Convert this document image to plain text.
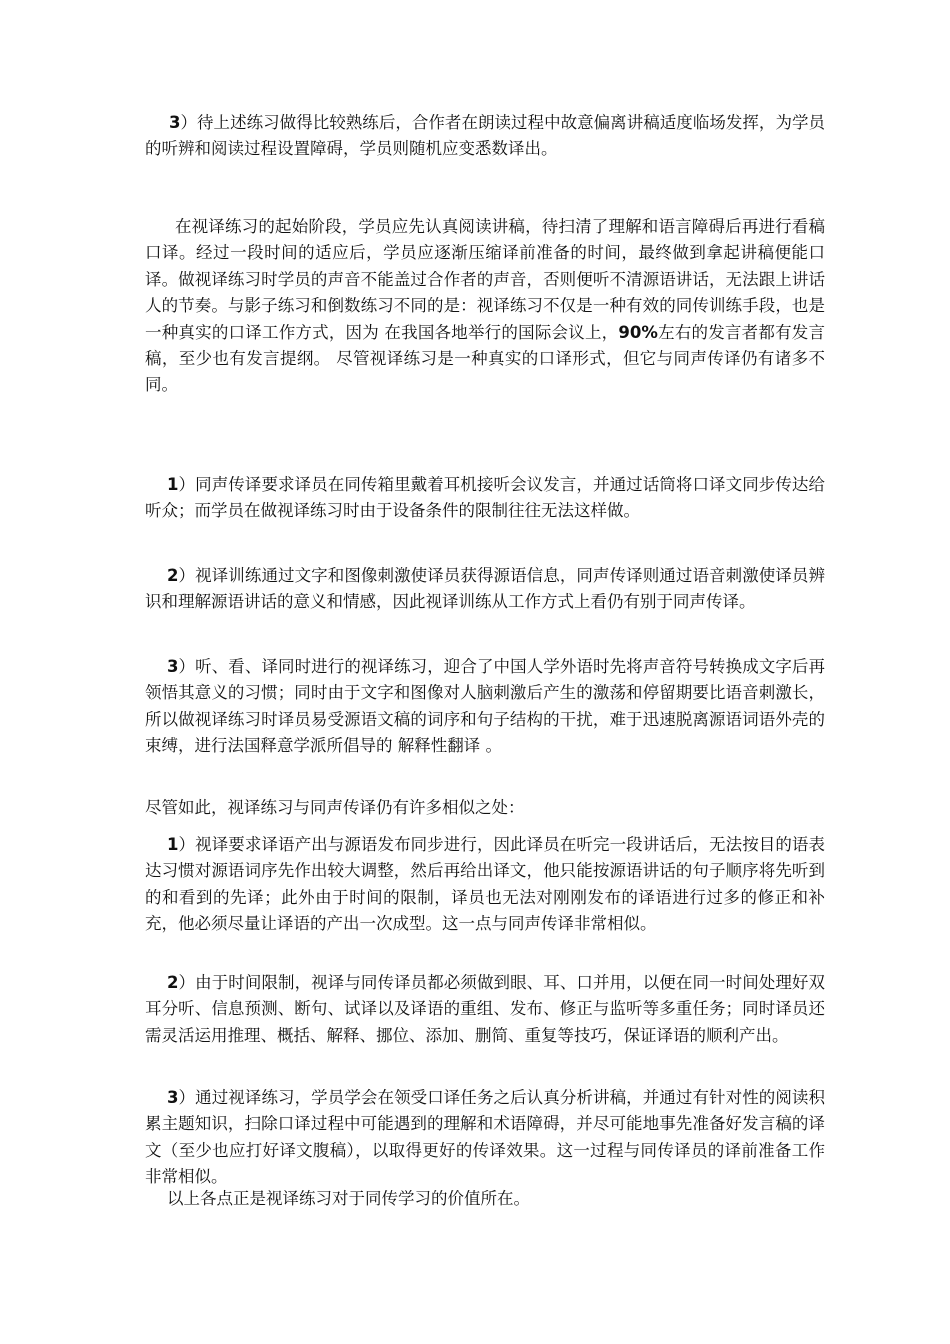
3）待上述练习做得比较熟练后，合作者在朗读过程中故意偏离讲稿适度临场发挥，为学员的听辨和阅读过程设置障碍，学员则随机应变悉数译出。

在视译练习的起始阶段，学员应先认真阅读讲稿，待扫清了理解和语言障碍后再进行看稿口译。经过一段时间的适应后，学员应逐渐压缩译前准备的时间，最终做到拿起讲稿便能口译。做视译练习时学员的声音不能盖过合作者的声音，否则便听不清源语讲话，无法跟上讲话人的节奏。与影子练习和倒数练习不同的是：视译练习不仅是一种有效的同传训练手段，也是一种真实的口译工作方式，因为 在我国各地举行的国际会议上，90%左右的发言者都有发言稿，至少也有发言提纲。 尽管视译练习是一种真实的口译形式，但它与同声传译仍有诸多不同。

1）同声传译要求译员在同传箱里戴着耳机接听会议发言，并通过话筒将口译文同步传达给听众；而学员在做视译练习时由于设备条件的限制往往无法这样做。

2）视译训练通过文字和图像刺激使译员获得源语信息，同声传译则通过语音刺激使译员辨识和理解源语讲话的意义和情感，因此视译训练从工作方式上看仍有别于同声传译。

3）听、看、译同时进行的视译练习，迎合了中国人学外语时先将声音符号转换成文字后再领悟其意义的习惯；同时由于文字和图像对人脑刺激后产生的激荡和停留期要比语音刺激长，所以做视译练习时译员易受源语文稿的词序和句子结构的干扰，难于迅速脱离源语词语外壳的束缚，进行法国释意学派所倡导的 解释性翻译 。

尽管如此，视译练习与同声传译仍有许多相似之处：

1）视译要求译语产出与源语发布同步进行，因此译员在听完一段讲话后，无法按目的语表达习惯对源语词序先作出较大调整，然后再给出译文，他只能按源语讲话的句子顺序将先听到的和看到的先译；此外由于时间的限制，译员也无法对刚刚发布的译语进行过多的修正和补充，他必须尽量让译语的产出一次成型。这一点与同声传译非常相似。

2）由于时间限制，视译与同传译员都必须做到眼、耳、口并用，以便在同一时间处理好双耳分听、信息预测、断句、试译以及译语的重组、发布、修正与监听等多重任务；同时译员还需灵活运用推理、概括、解释、挪位、添加、删简、重复等技巧，保证译语的顺利产出。

3）通过视译练习，学员学会在领受口译任务之后认真分析讲稿，并通过有针对性的阅读积累主题知识，扫除口译过程中可能遇到的理解和术语障碍，并尽可能地事先准备好发言稿的译文（至少也应打好译文腹稿），以取得更好的传译效果。这一过程与同传译员的译前准备工作非常相似。

以上各点正是视译练习对于同传学习的价值所在。
